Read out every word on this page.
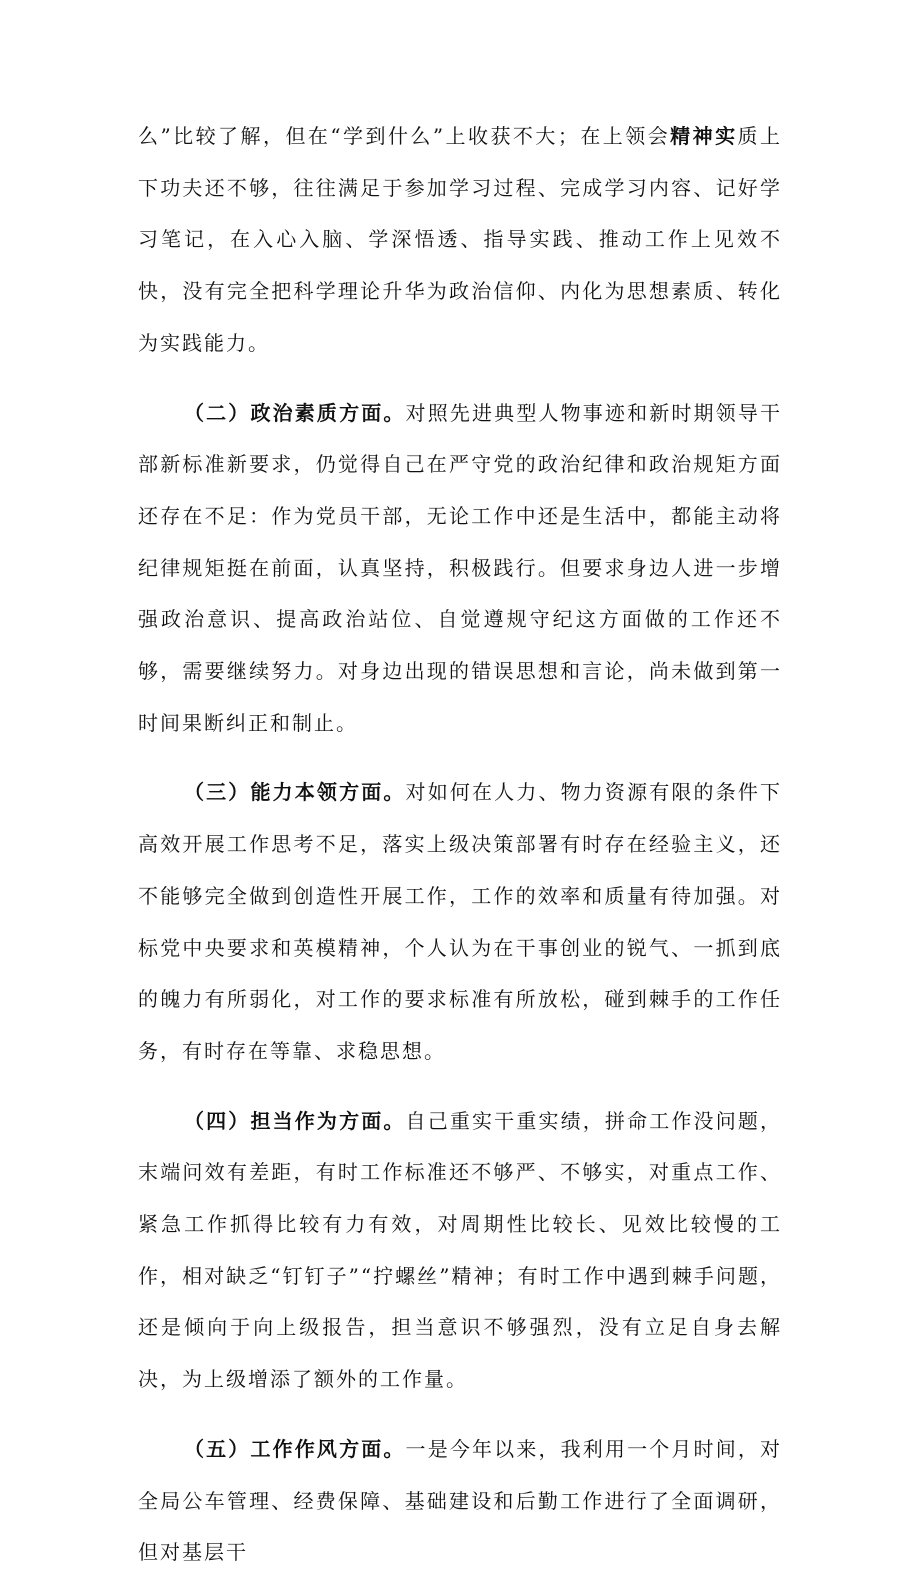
么”比较了解，但在“学到什么”上收获不大；在上领会精神实质上下功夫还不够，往往满足于参加学习过程、完成学习内容、记好学习笔记，在入心入脑、学深悟透、指导实践、推动工作上见效不快，没有完全把科学理论升华为政治信仰、内化为思想素质、转化为实践能力。

（二）政治素质方面。对照先进典型人物事迹和新时期领导干部新标准新要求，仍觉得自己在严守党的政治纪律和政治规矩方面还存在不足：作为党员干部，无论工作中还是生活中，都能主动将纪律规矩挺在前面，认真坚持，积极践行。但要求身边人进一步增强政治意识、提高政治站位、自觉遵规守纪这方面做的工作还不够，需要继续努力。对身边出现的错误思想和言论，尚未做到第一时间果断纠正和制止。

（三）能力本领方面。对如何在人力、物力资源有限的条件下高效开展工作思考不足，落实上级决策部署有时存在经验主义，还不能够完全做到创造性开展工作，工作的效率和质量有待加强。对标党中央要求和英模精神，个人认为在干事创业的锐气、一抓到底的魄力有所弱化，对工作的要求标准有所放松，碰到棘手的工作任务，有时存在等靠、求稳思想。

（四）担当作为方面。自己重实干重实绩，拼命工作没问题，末端问效有差距，有时工作标准还不够严、不够实，对重点工作、紧急工作抓得比较有力有效，对周期性比较长、见效比较慢的工作，相对缺乏“钉钉子”“拧螺丝”精神；有时工作中遇到棘手问题，还是倾向于向上级报告，担当意识不够强烈，没有立足自身去解决，为上级增添了额外的工作量。

（五）工作作风方面。一是今年以来，我利用一个月时间，对全局公车管理、经费保障、基础建设和后勤工作进行了全面调研，但对基层干
